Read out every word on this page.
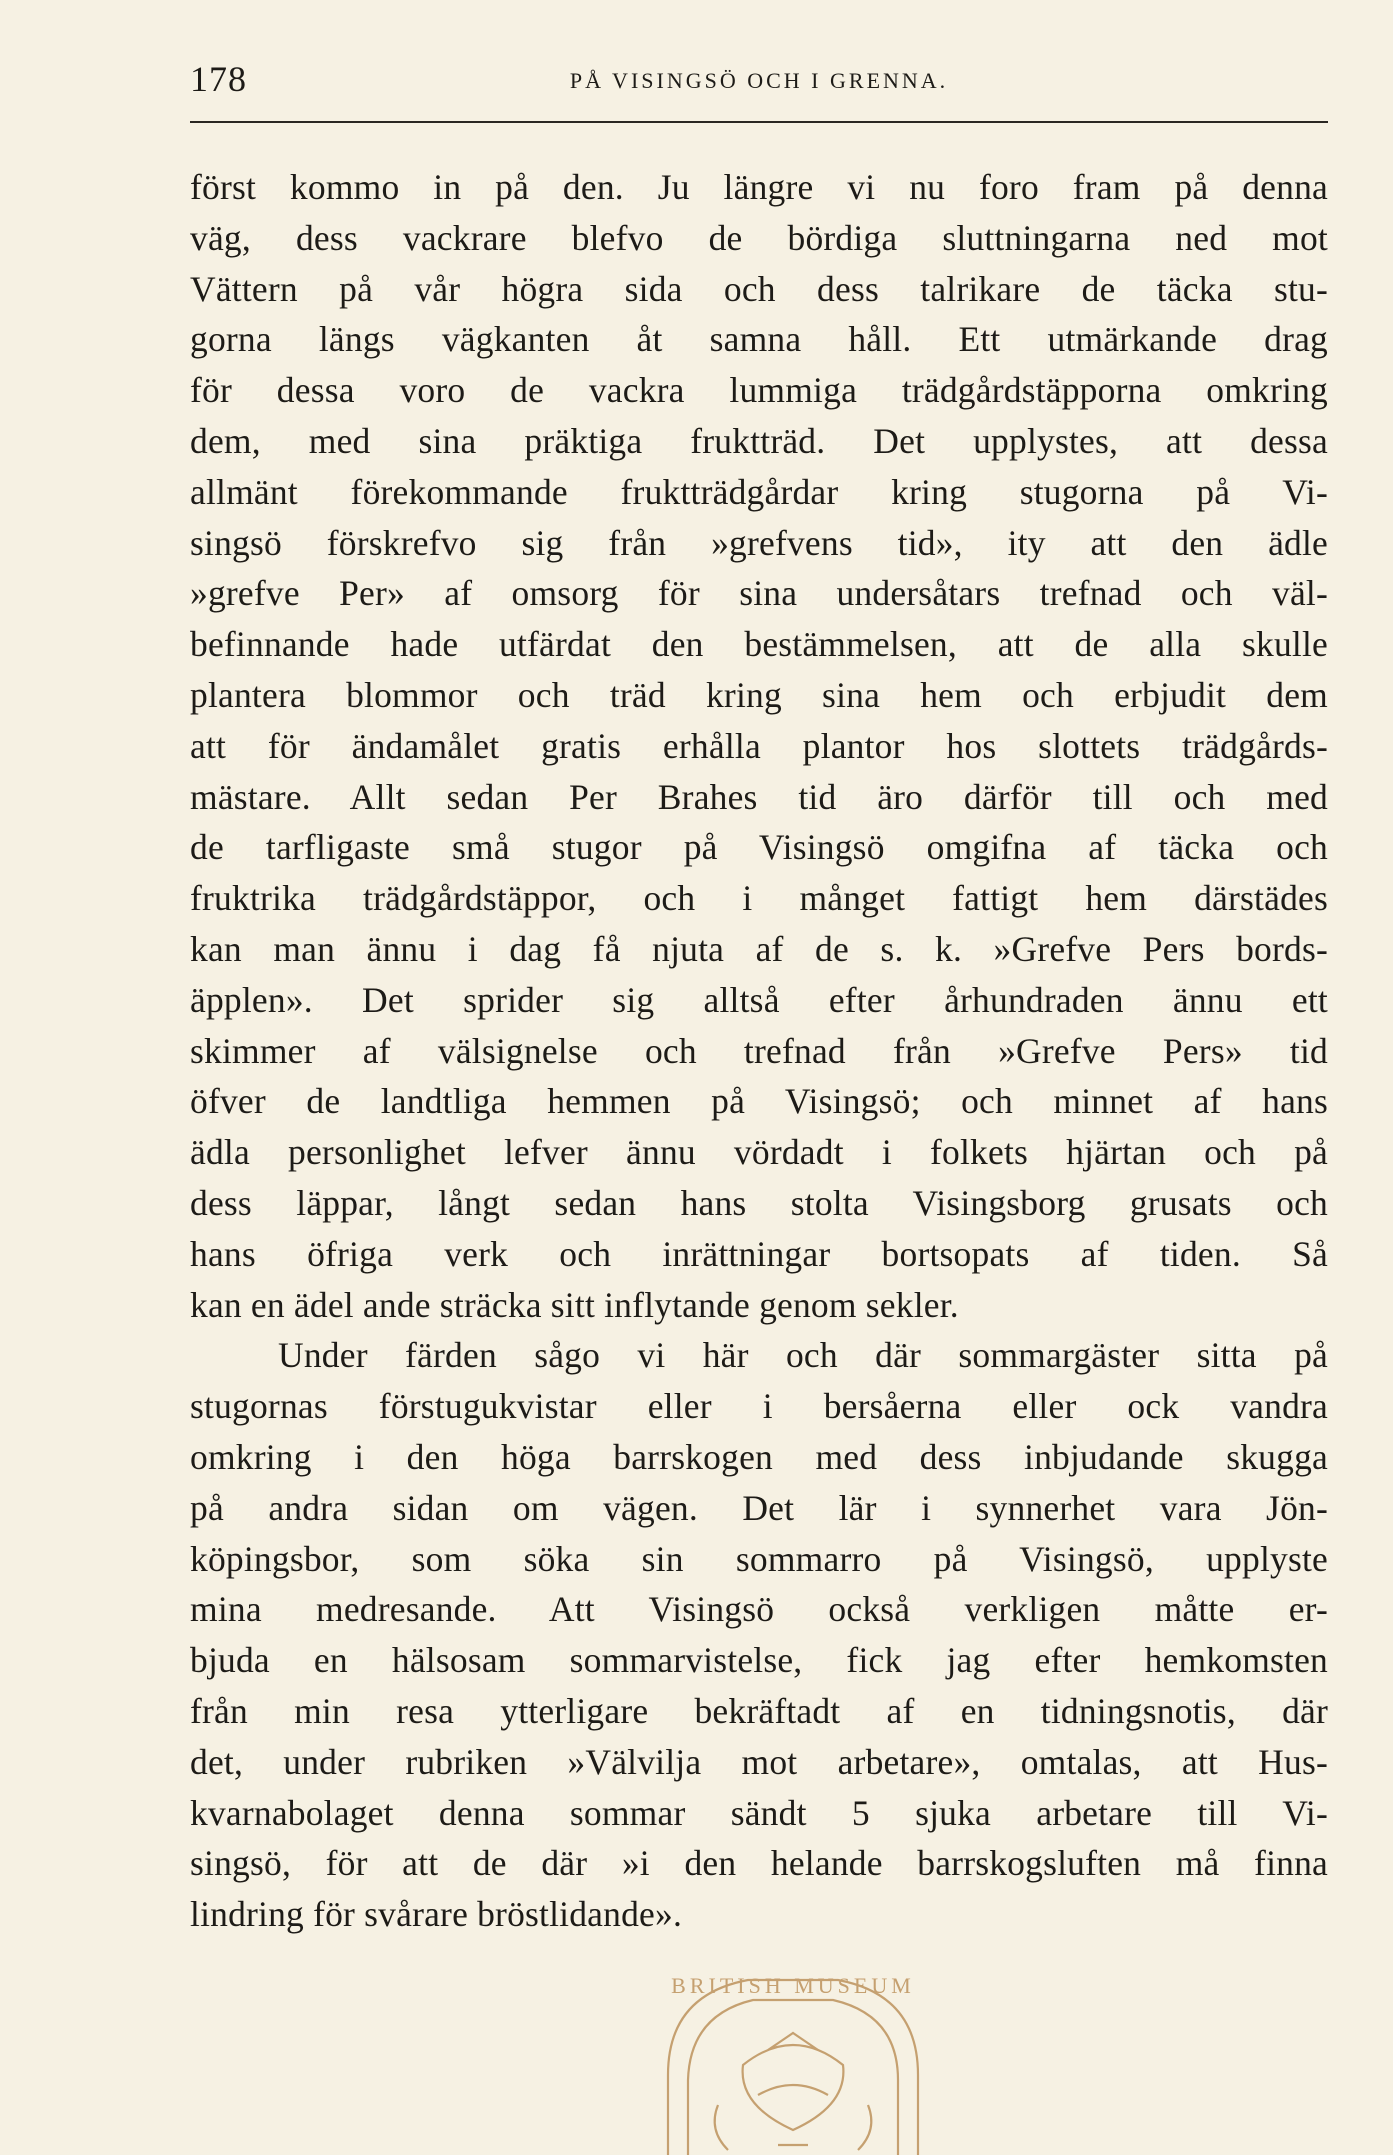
178	PÅ VISINGSÖ OCH I GRENNA.
först kommo in på den. Ju längre vi nu foro fram på denna
väg, dess vackrare blefvo de bördiga sluttningarna ned mot
Vättern på vår högra sida och dess talrikare de täcka stu-
gorna längs vägkanten åt samna håll. Ett utmärkande drag
för dessa voro de vackra lummiga trädgårdstäpporna omkring
dem, med sina präktiga fruktträd. Det upplystes, att dessa
allmänt förekommande fruktträdgårdar kring stugorna på Vi-
singsö förskrefvo sig från »grefvens tid», ity att den ädle
»grefve Per» af omsorg för sina undersåtars trefnad och väl-
befinnande hade utfärdat den bestämmelsen, att de alla skulle
plantera blommor och träd kring sina hem och erbjudit dem
att för ändamålet gratis erhålla plantor hos slottets trädgårds-
mästare. Allt sedan Per Brahes tid äro därför till och med
de tarfligaste små stugor på Visingsö omgifna af täcka och
fruktrika trädgårdstäppor, och i månget fattigt hem därstädes
kan man ännu i dag få njuta af de s. k. »Grefve Pers bords-
äpplen». Det sprider sig alltså efter århundraden ännu ett
skimmer af välsignelse och trefnad från »Grefve Pers» tid
öfver de landtliga hemmen på Visingsö; och minnet af hans
ädla personlighet lefver ännu vördadt i folkets hjärtan och på
dess läppar, långt sedan hans stolta Visingsborg grusats och
hans öfriga verk och inrättningar bortsopats af tiden. Så
kan en ädel ande sträcka sitt inflytande genom sekler.
Under färden sågo vi här och där sommargäster sitta på
stugornas förstugukvistar eller i bersåerna eller ock vandra
omkring i den höga barrskogen med dess inbjudande skugga
på andra sidan om vägen. Det lär i synnerhet vara Jön-
köpingsbor, som söka sin sommarro på Visingsö, upplyste
mina medresande. Att Visingsö också verkligen måtte er-
bjuda en hälsosam sommarvistelse, fick jag efter hemkomsten
från min resa ytterligare bekräftadt af en tidningsnotis, där
det, under rubriken »Välvilja mot arbetare», omtalas, att Hus-
kvarnabolaget denna sommar sändt 5 sjuka arbetare till Vi-
singsö, för att de där »i den helande barrskogsluften må finna
lindring för svårare bröstlidande».
BRITISH MUSEUM
